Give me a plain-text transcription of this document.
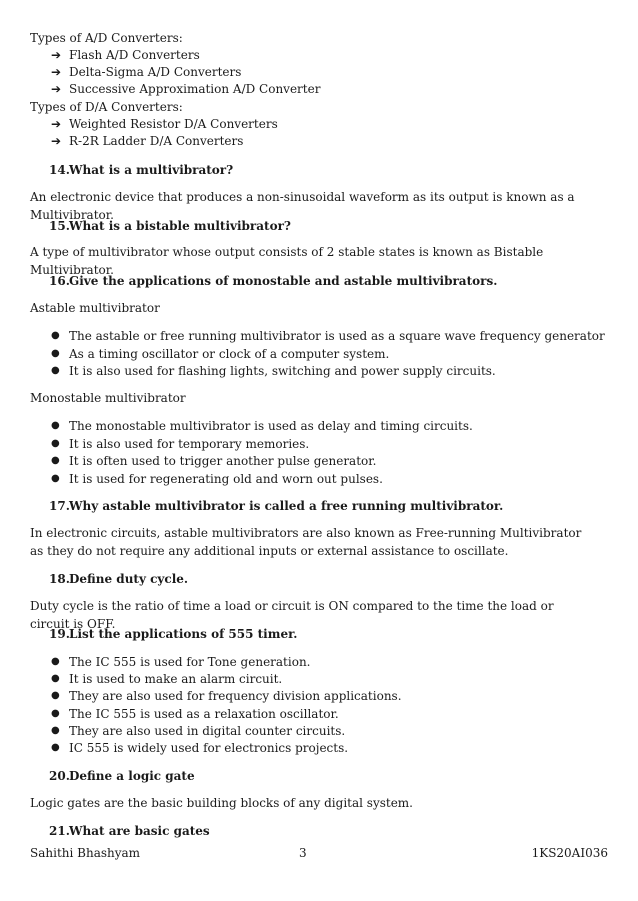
Types of A/D Converters:
➔ Flash A/D Converters
➔ Delta-Sigma A/D Converters
➔ Successive Approximation A/D Converter
Types of D/A Converters:
➔ Weighted Resistor D/A Converters
➔ R-2R Ladder D/A Converters
14.What is a multivibrator?
An electronic device that produces a non-sinusoidal waveform as its output is known as a Multivibrator.
15.What is a bistable multivibrator?
A type of multivibrator whose output consists of 2 stable states is known as Bistable Multivibrator.
16.Give the applications of monostable and astable multivibrators.
Astable multivibrator
● The astable or free running multivibrator is used as a square wave frequency generator
● As a timing oscillator or clock of a computer system.
● It is also used for flashing lights, switching and power supply circuits.
Monostable multivibrator
● The monostable multivibrator is used as delay and timing circuits.
● It is also used for temporary memories.
● It is often used to trigger another pulse generator.
● It is used for regenerating old and worn out pulses.
17.Why astable multivibrator is called a free running multivibrator.
In electronic circuits, astable multivibrators are also known as Free-running Multivibrator as they do not require any additional inputs or external assistance to oscillate.
18.Define duty cycle.
Duty cycle is the ratio of time a load or circuit is ON compared to the time the load or circuit is OFF.
19.List the applications of 555 timer.
● The IC 555 is used for Tone generation.
● It is used to make an alarm circuit.
● They are also used for frequency division applications.
● The IC 555 is used as a relaxation oscillator.
● They are also used in digital counter circuits.
● IC 555 is widely used for electronics projects.
20.Define a logic gate
Logic gates are the basic building blocks of any digital system.
21.What are basic gates
Sahithi Bhashyam	3	1KS20AI036
